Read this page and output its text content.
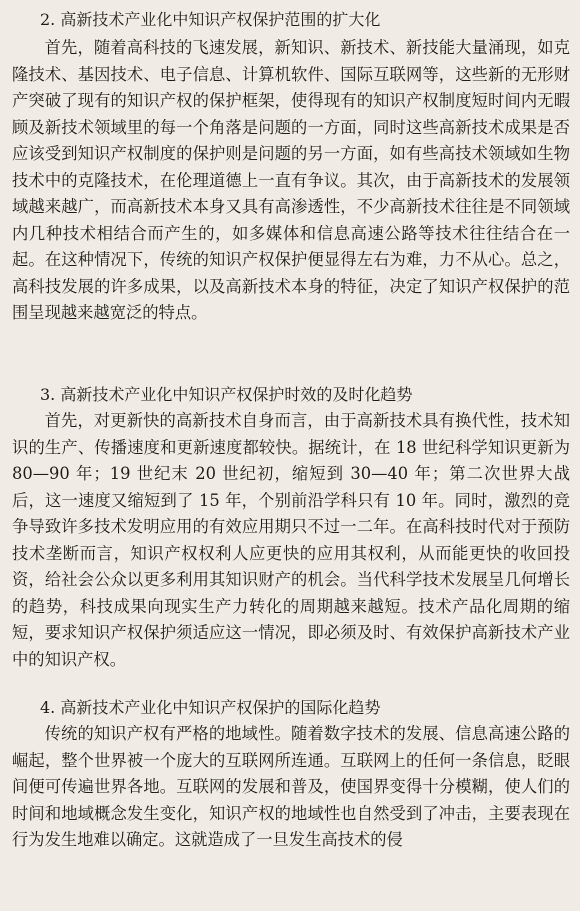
2. 高新技术产业化中知识产权保护范围的扩大化

首先，随着高科技的飞速发展，新知识、新技术、新技能大量涌现，如克隆技术、基因技术、电子信息、计算机软件、国际互联网等，这些新的无形财产突破了现有的知识产权的保护框架，使得现有的知识产权制度短时间内无暇顾及新技术领域里的每一个角落是问题的一方面，同时这些高新技术成果是否应该受到知识产权制度的保护则是问题的另一方面，如有些高技术领域如生物技术中的克隆技术，在伦理道德上一直有争议。其次，由于高新技术的发展领域越来越广，而高新技术本身又具有高渗透性，不少高新技术往往是不同领域内几种技术相结合而产生的，如多媒体和信息高速公路等技术往往结合在一起。在这种情况下，传统的知识产权保护便显得左右为难，力不从心。总之，高科技发展的许多成果，以及高新技术本身的特征，决定了知识产权保护的范围呈现越来越宽泛的特点。

3. 高新技术产业化中知识产权保护时效的及时化趋势

首先，对更新快的高新技术自身而言，由于高新技术具有换代性，技术知识的生产、传播速度和更新速度都较快。据统计，在 18 世纪科学知识更新为 80—90 年；19 世纪末 20 世纪初，缩短到 30—40 年；第二次世界大战后，这一速度又缩短到了 15 年，个别前沿学科只有 10 年。同时，激烈的竞争导致许多技术发明应用的有效应用期只不过一二年。在高科技时代对于预防技术垄断而言，知识产权权利人应更快的应用其权利，从而能更快的收回投资，给社会公众以更多利用其知识财产的机会。当代科学技术发展呈几何增长的趋势，科技成果向现实生产力转化的周期越来越短。技术产品化周期的缩短，要求知识产权保护须适应这一情况，即必须及时、有效保护高新技术产业中的知识产权。

4. 高新技术产业化中知识产权保护的国际化趋势

传统的知识产权有严格的地域性。随着数字技术的发展、信息高速公路的崛起，整个世界被一个庞大的互联网所连通。互联网上的任何一条信息，眨眼间便可传遍世界各地。互联网的发展和普及，使国界变得十分模糊，使人们的时间和地域概念发生变化，知识产权的地域性也自然受到了冲击，主要表现在行为发生地难以确定。这就造成了一旦发生高技术的侵
